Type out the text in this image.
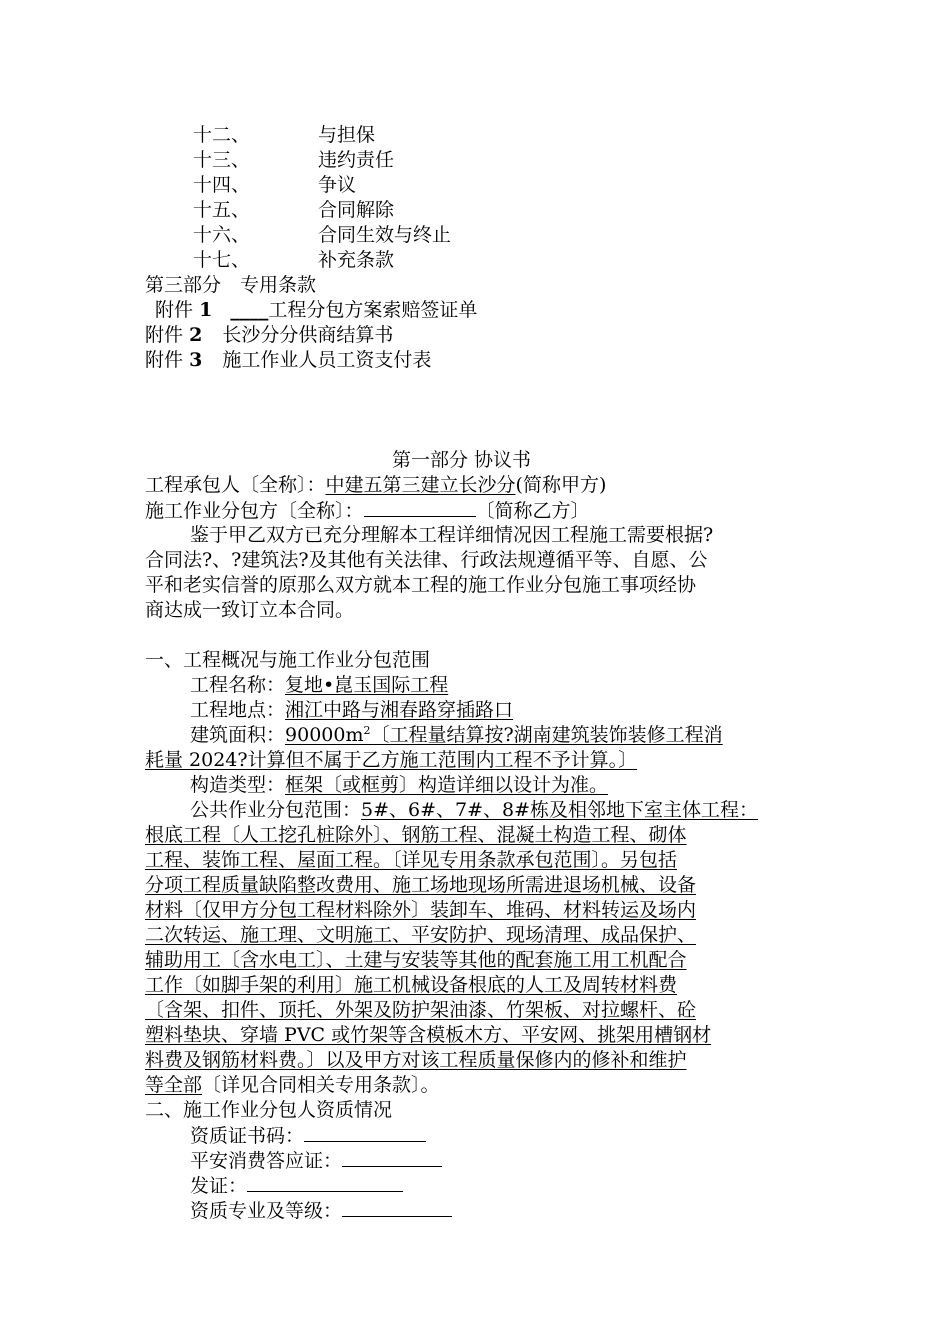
十二、	与担保
十三、	违约责任
十四、	争议
十五、	合同解除
十六、	合同生效与终止
十七、	补充条款
第三部分　专用条款
附件 1 ____工程分包方案索赔签证单
附件 2 长沙分分供商结算书
附件 3 施工作业人员工资支付表
第一部分 协议书
工程承包人〔全称〕：中建五第三建立长沙分(简称甲方)
施工作业分包方〔全称〕：	〔简称乙方〕
鉴于甲乙双方已充分理解本工程详细情况因工程施工需要根据?
合同法?、?建筑法?及其他有关法律、行政法规遵循平等、自愿、公
平和老实信誉的原那么双方就本工程的施工作业分包施工事项经协
商达成一致订立本合同。
一、工程概况与施工作业分包范围
工程名称：复地•崑玉国际工程
工程地点：湘江中路与湘春路穿插路口
建筑面积：$90000m^2$〔工程量结算按?湖南建筑装饰装修工程消
耗量 2024?计算但不属于乙方施工范围内工程不予计算。〕
构造类型：框架〔或框剪〕构造详细以设计为准。
公共作业分包范围：5#、6#、7#、8#栋及相邻地下室主体工程：
根底工程〔人工挖孔桩除外〕、钢筋工程、混凝土构造工程、砌体
工程、装饰工程、屋面工程。〔详见专用条款承包范围〕。另包括
分项工程质量缺陷整改费用、施工场地现场所需进退场机械、设备
材料〔仅甲方分包工程材料除外〕装卸车、堆码、材料转运及场内
二次转运、施工理、文明施工、平安防护、现场清理、成品保护、
辅助用工〔含水电工〕、土建与安装等其他的配套施工用工机配合
工作〔如脚手架的利用〕施工机械设备根底的人工及周转材料费
〔含架、扣件、顶托、外架及防护架油漆、竹架板、对拉螺杆、砼
塑料垫块、穿墙 PVC 或竹架等含模板木方、平安网、挑架用槽钢材
料费及钢筋材料费。〕以及甲方对该工程质量保修内的修补和维护
等全部〔详见合同相关专用条款〕。
二、施工作业分包人资质情况
资质证书码：
平安消费答应证：
发证：
资质专业及等级：
